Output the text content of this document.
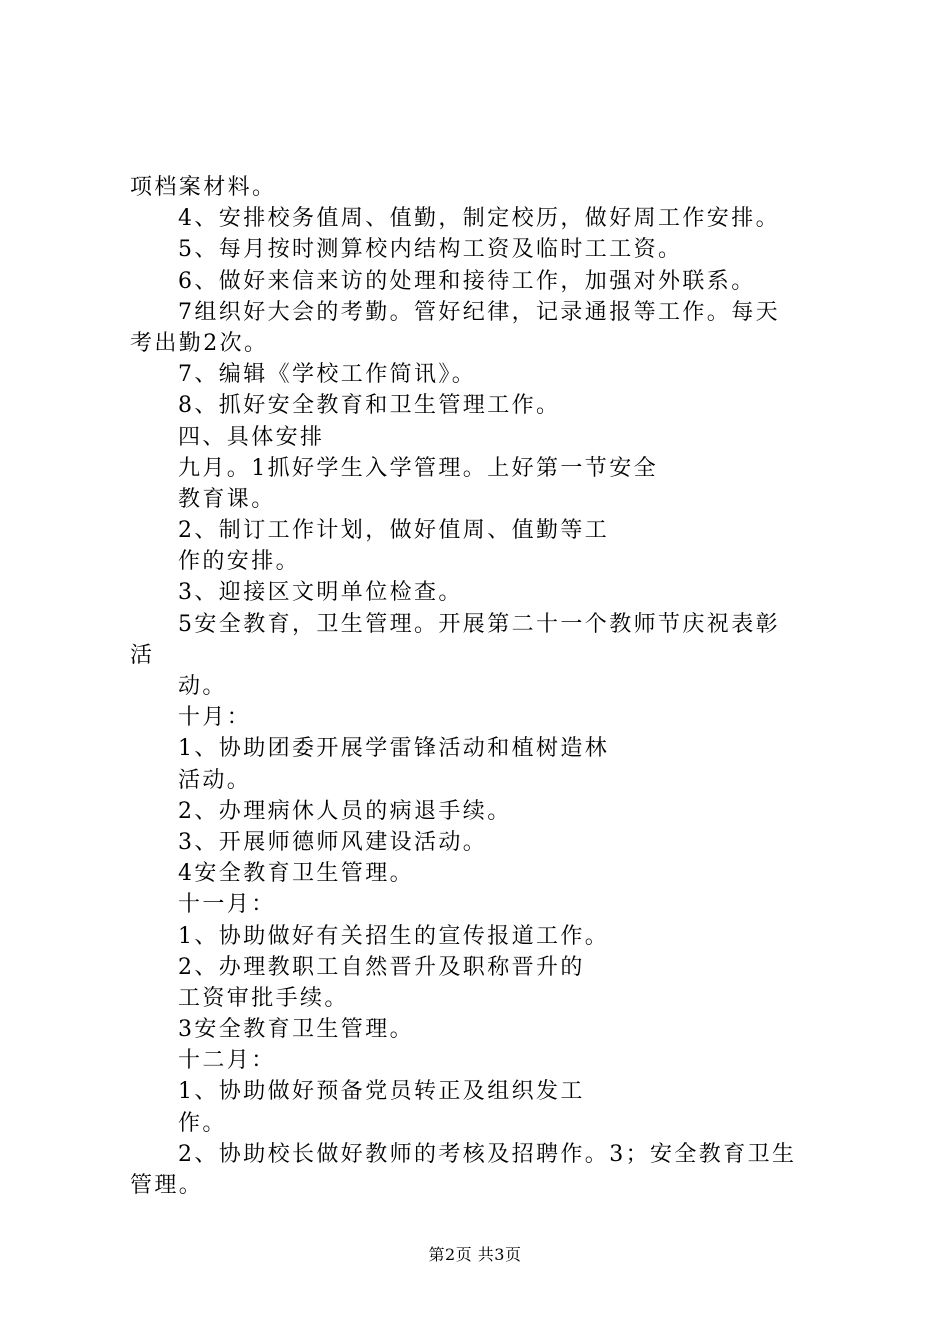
项档案材料。
4、安排校务值周、值勤，制定校历，做好周工作安排。
5、每月按时测算校内结构工资及临时工工资。
6、做好来信来访的处理和接待工作，加强对外联系。
7组织好大会的考勤。管好纪律，记录通报等工作。每天
考出勤2次。
7、编辑《学校工作简讯》。
8、抓好安全教育和卫生管理工作。
四、具体安排
九月。1抓好学生入学管理。上好第一节安全
教育课。
2、制订工作计划，做好值周、值勤等工
作的安排。
3、迎接区文明单位检查。
5安全教育，卫生管理。开展第二十一个教师节庆祝表彰
活
动。
十月：
1、协助团委开展学雷锋活动和植树造林
活动。
2、办理病休人员的病退手续。
3、开展师德师风建设活动。
4安全教育卫生管理。
十一月：
1、协助做好有关招生的宣传报道工作。
2、办理教职工自然晋升及职称晋升的
工资审批手续。
3安全教育卫生管理。
十二月：
1、协助做好预备党员转正及组织发工
作。
2、协助校长做好教师的考核及招聘作。3；安全教育卫生
管理。
第2页 共3页
